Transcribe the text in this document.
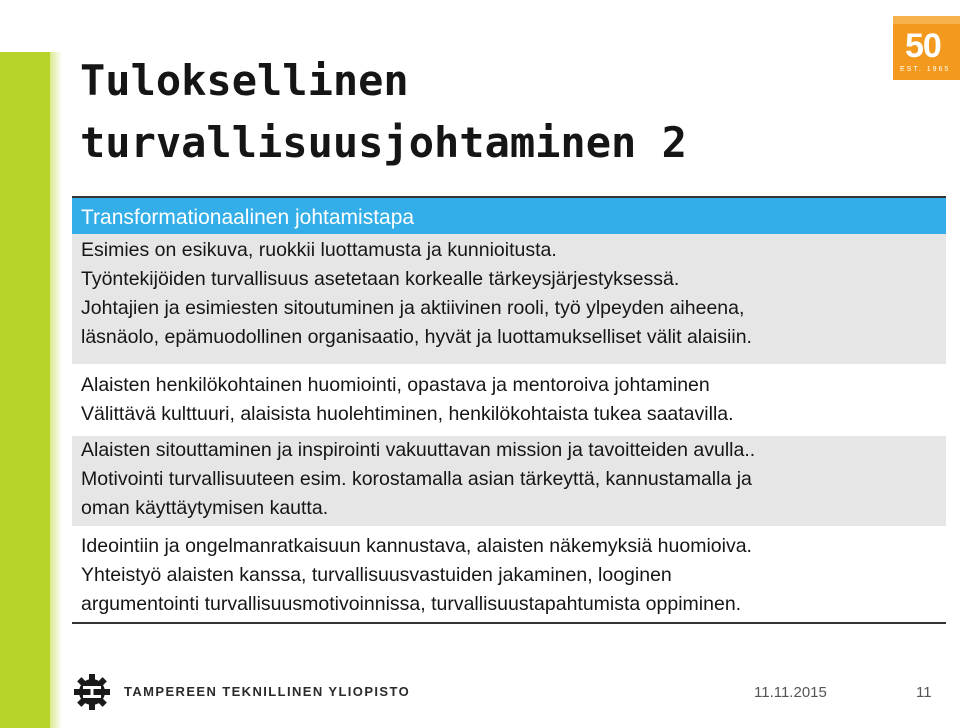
50
EST. 1965
Tuloksellinen
turvallisuusjohtaminen 2
Transformationaalinen johtamistapa

Esimies on esikuva, ruokkii luottamusta ja kunnioitusta.

Työntekijöiden turvallisuus asetetaan korkealle tärkeysjärjestyksessä.

Johtajien ja esimiesten sitoutuminen ja aktiivinen rooli, työ ylpeyden aiheena,

läsnäolo, epämuodollinen organisaatio, hyvät ja luottamukselliset välit alaisiin.

Alaisten henkilökohtainen huomiointi, opastava ja mentoroiva johtaminen

Välittävä kulttuuri, alaisista huolehtiminen, henkilökohtaista tukea saatavilla.

Alaisten sitouttaminen ja inspirointi vakuuttavan mission ja tavoitteiden avulla..

Motivointi turvallisuuteen esim. korostamalla asian tärkeyttä, kannustamalla ja

oman käyttäytymisen kautta.

Ideointiin ja ongelmanratkaisuun kannustava, alaisten näkemyksiä huomioiva.

Yhteistyö alaisten kanssa, turvallisuusvastuiden jakaminen, looginen

argumentointi turvallisuusmotivoinnissa, turvallisuustapahtumista oppiminen.

TAMPEREEN TEKNILLINEN YLIOPISTO	11.11.2015	11
